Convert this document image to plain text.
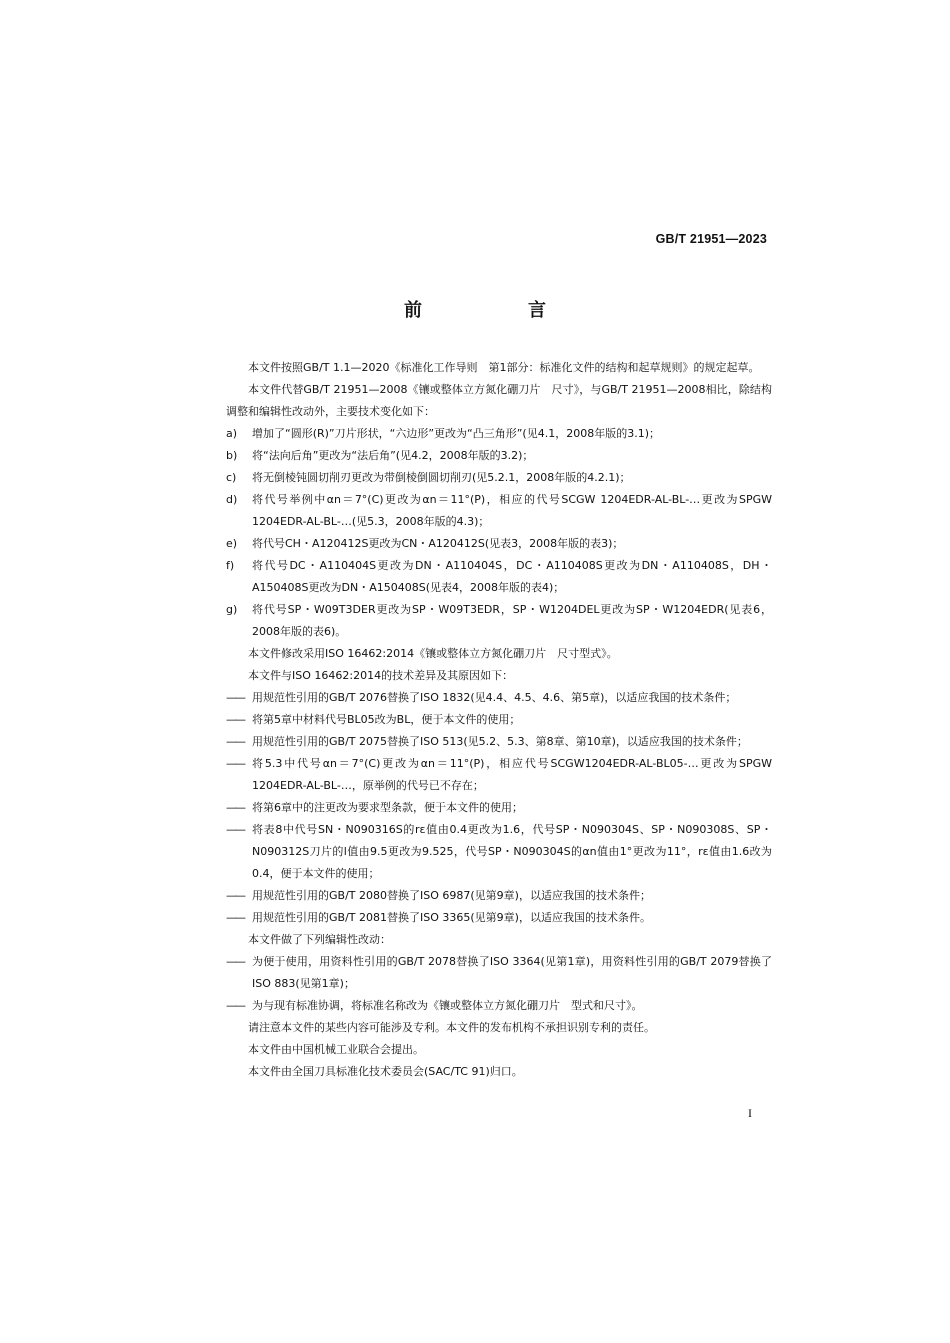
GB/T 21951—2023
前　言
本文件按照GB/T 1.1—2020《标准化工作导则　第1部分：标准化文件的结构和起草规则》的规定起草。
本文件代替GB/T 21951—2008《镶或整体立方氮化硼刀片　尺寸》，与GB/T 21951—2008相比，除结构调整和编辑性改动外，主要技术变化如下：
a)	增加了“圆形(R)”刀片形状，“六边形”更改为“凸三角形”(见4.1，2008年版的3.1)；
b)	将“法向后角”更改为“法后角”(见4.2，2008年版的3.2)；
c)	将无倒棱钝圆切削刃更改为带倒棱倒圆切削刃(见5.2.1，2008年版的4.2.1)；
d)	将代号举例中αn＝7°(C)更改为αn＝11°(P)，相应的代号SCGW 1204EDR-AL-BL-…更改为SPGW 1204EDR-AL-BL-…(见5.3，2008年版的4.3)；
e)	将代号CH・A120412S更改为CN・A120412S(见表3，2008年版的表3)；
f)	将代号DC・A110404S更改为DN・A110404S，DC・A110408S更改为DN・A110408S，DH・A150408S更改为DN・A150408S(见表4，2008年版的表4)；
g)	将代号SP・W09T3DER更改为SP・W09T3EDR，SP・W1204DEL更改为SP・W1204EDR(见表6，2008年版的表6)。
本文件修改采用ISO 16462:2014《镶或整体立方氮化硼刀片　尺寸型式》。
本文件与ISO 16462:2014的技术差异及其原因如下：
—— 用规范性引用的GB/T 2076替换了ISO 1832(见4.4、4.5、4.6、第5章)，以适应我国的技术条件；
—— 将第5章中材料代号BL05改为BL，便于本文件的使用；
—— 用规范性引用的GB/T 2075替换了ISO 513(见5.2、5.3、第8章、第10章)，以适应我国的技术条件；
—— 将5.3中代号αn＝7°(C)更改为αn＝11°(P)，相应代号SCGW1204EDR-AL-BL05-…更改为SPGW 1204EDR-AL-BL-…，原举例的代号已不存在；
—— 将第6章中的注更改为要求型条款，便于本文件的使用；
—— 将表8中代号SN・N090316S的rε值由0.4更改为1.6，代号SP・N090304S、SP・N090308S、SP・N090312S刀片的l值由9.5更改为9.525，代号SP・N090304S的αn值由1°更改为11°，rε值由1.6改为0.4，便于本文件的使用；
—— 用规范性引用的GB/T 2080替换了ISO 6987(见第9章)，以适应我国的技术条件；
—— 用规范性引用的GB/T 2081替换了ISO 3365(见第9章)，以适应我国的技术条件。
本文件做了下列编辑性改动：
—— 为便于使用，用资料性引用的GB/T 2078替换了ISO 3364(见第1章)，用资料性引用的GB/T 2079替换了ISO 883(见第1章)；
—— 为与现有标准协调，将标准名称改为《镶或整体立方氮化硼刀片　型式和尺寸》。
请注意本文件的某些内容可能涉及专利。本文件的发布机构不承担识别专利的责任。
本文件由中国机械工业联合会提出。
本文件由全国刀具标准化技术委员会(SAC/TC 91)归口。
I
